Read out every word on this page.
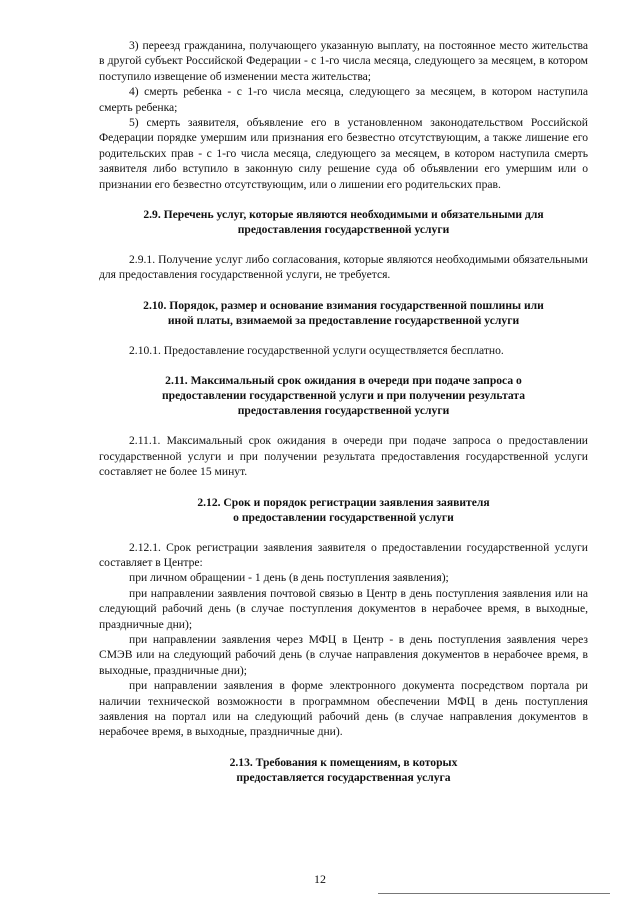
3) переезд гражданина, получающего указанную выплату, на постоянное место жительства в другой субъект Российской Федерации - с 1-го числа месяца, следующего за месяцем, в котором поступило извещение об изменении места жительства;

4) смерть ребенка - с 1-го числа месяца, следующего за месяцем, в котором наступила смерть ребенка;

5) смерть заявителя, объявление его в установленном законодательством Российской Федерации порядке умершим или признания его безвестно отсутствующим, а также лишение его родительских прав - с 1-го числа месяца, следующего за месяцем, в котором наступила смерть заявителя либо вступило в законную силу решение суда об объявлении его умершим или о признании его безвестно отсутствующим, или о лишении его родительских прав.

2.9. Перечень услуг, которые являются необходимыми и обязательными для
предоставления государственной услуги

2.9.1. Получение услуг либо согласования, которые являются необходимыми обязательными для предоставления государственной услуги, не требуется.

2.10. Порядок, размер и основание взимания государственной пошлины или
иной платы, взимаемой за предоставление государственной услуги

2.10.1. Предоставление государственной услуги осуществляется бесплатно.

2.11. Максимальный срок ожидания в очереди при подаче запроса о
предоставлении государственной услуги и при получении результата
предоставления государственной услуги

2.11.1. Максимальный срок ожидания в очереди при подаче запроса о предоставлении государственной услуги и при получении результата предоставления государственной услуги составляет не более 15 минут.

2.12. Срок и порядок регистрации заявления заявителя
о предоставлении государственной услуги

2.12.1. Срок регистрации заявления заявителя о предоставлении государственной услуги составляет в Центре:

при личном обращении - 1 день (в день поступления заявления);

при направлении заявления почтовой связью в Центр в день поступления заявления или на следующий рабочий день (в случае поступления документов в нерабочее время, в выходные, праздничные дни);

при направлении заявления через МФЦ в Центр - в день поступления заявления через СМЭВ или на следующий рабочий день (в случае направления документов в нерабочее время, в выходные, праздничные дни);

при направлении заявления в форме электронного документа посредством портала ри наличии технической возможности в программном обеспечении МФЦ в день поступления заявления на портал или на следующий рабочий день (в случае направления документов в нерабочее время, в выходные, праздничные дни).

2.13. Требования к помещениям, в которых
предоставляется государственная услуга
12
